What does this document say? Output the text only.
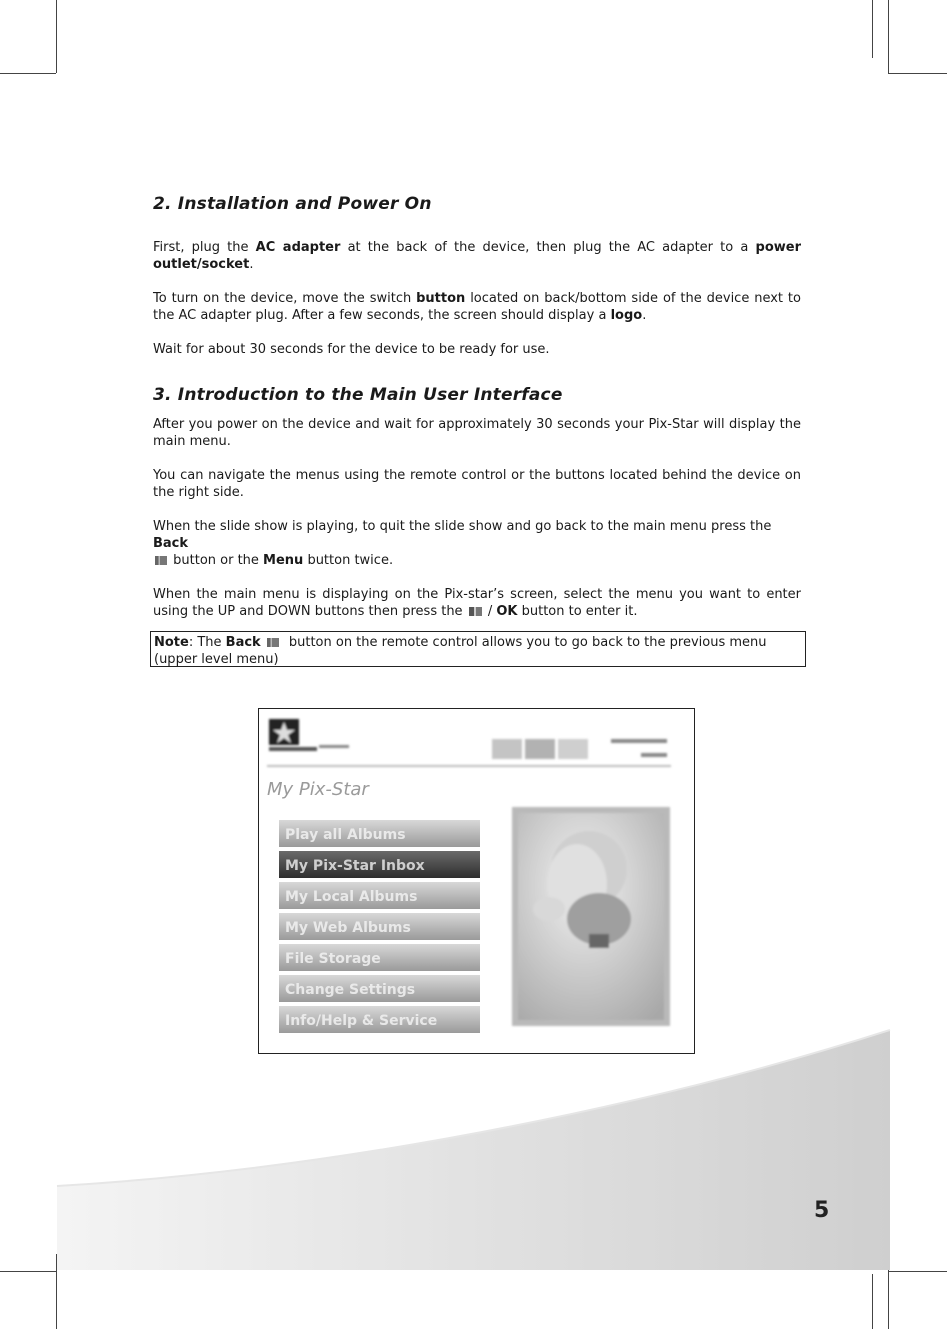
2. Installation and Power On

First, plug the AC adapter at the back of the device, then plug the AC adapter to a power outlet/socket.

To turn on the device, move the switch button located on back/bottom side of the device next to the AC adapter plug. After a few seconds, the screen should display a logo.

Wait for about 30 seconds for the device to be ready for use.

3. Introduction to the Main User Interface

After you power on the device and wait for approximately 30 seconds your Pix-Star will display the main menu.

You can navigate the menus using the remote control or the buttons located behind the device on the right side.

When the slide show is playing, to quit the slide show and go back to the main menu press the Back
button or the Menu button twice.

When the main menu is displaying on the Pix-star’s screen, select the menu you want to enter using the UP and DOWN buttons then press the  / OK button to enter it.

Note: The Back button on the remote control allows you to go back to the previous menu (upper level menu)
My Pix-Star
Play all Albums
My Pix-Star Inbox
My Local Albums
My Web Albums
File Storage
Change Settings
Info/Help & Service
5
